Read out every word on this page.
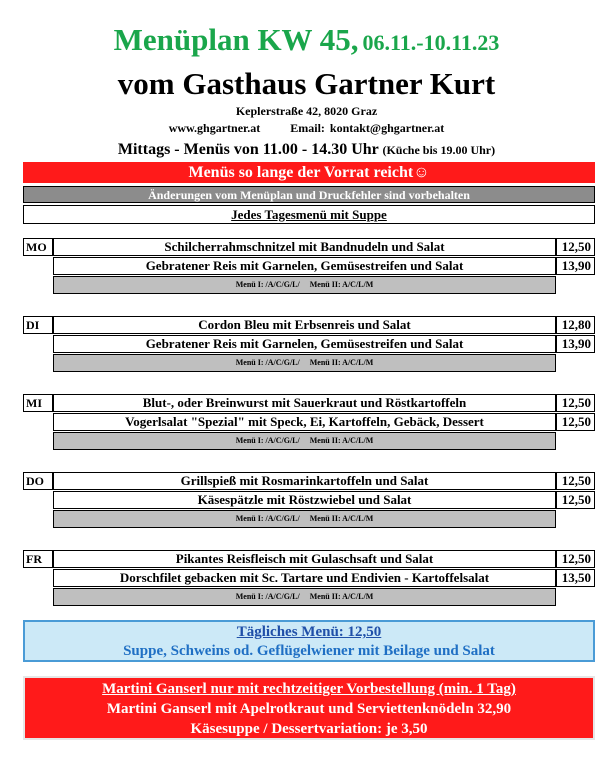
Menüplan KW 45, 06.11.-10.11.23
vom Gasthaus Gartner Kurt
Keplerstraße 42, 8020 Graz
www.ghgartner.at	Email: kontakt@ghgartner.at
Mittags - Menüs von 11.00 - 14.30 Uhr (Küche bis 19.00 Uhr)
Menüs so lange der Vorrat reicht☺
Änderungen vom Menüplan und Druckfehler sind vorbehalten
Jedes Tagesmenü mit Suppe
MO	Schilcherrahmschnitzel mit Bandnudeln und Salat	12,50
Gebratener Reis mit Garnelen, Gemüsestreifen und Salat	13,90
Menü I: /A/C/G/L/     Menü II: A/C/L/M
DI	Cordon Bleu mit Erbsenreis und Salat	12,80
Gebratener Reis mit Garnelen, Gemüsestreifen und Salat	13,90
Menü I: /A/C/G/L/     Menü II: A/C/L/M
MI	Blut-, oder Breinwurst mit Sauerkraut und Röstkartoffeln	12,50
Vogerlsalat "Spezial" mit Speck, Ei, Kartoffeln, Gebäck, Dessert	12,50
Menü I: /A/C/G/L/     Menü II: A/C/L/M
DO	Grillspieß mit Rosmarinkartoffeln und Salat	12,50
Käsespätzle mit Röstzwiebel und Salat	12,50
Menü I: /A/C/G/L/     Menü II: A/C/L/M
FR	Pikantes Reisfleisch mit Gulaschsaft und Salat	12,50
Dorschfilet gebacken mit Sc. Tartare und Endivien - Kartoffelsalat	13,50
Menü I: /A/C/G/L/     Menü II: A/C/L/M
Tägliches Menü: 12,50
Suppe, Schweins od. Geflügelwiener mit Beilage und Salat
Martini Ganserl nur mit rechtzeitiger Vorbestellung (min. 1 Tag)
Martini Ganserl mit Apelrotkraut und Serviettenknödeln 32,90
Käsesuppe / Dessertvariation: je 3,50
